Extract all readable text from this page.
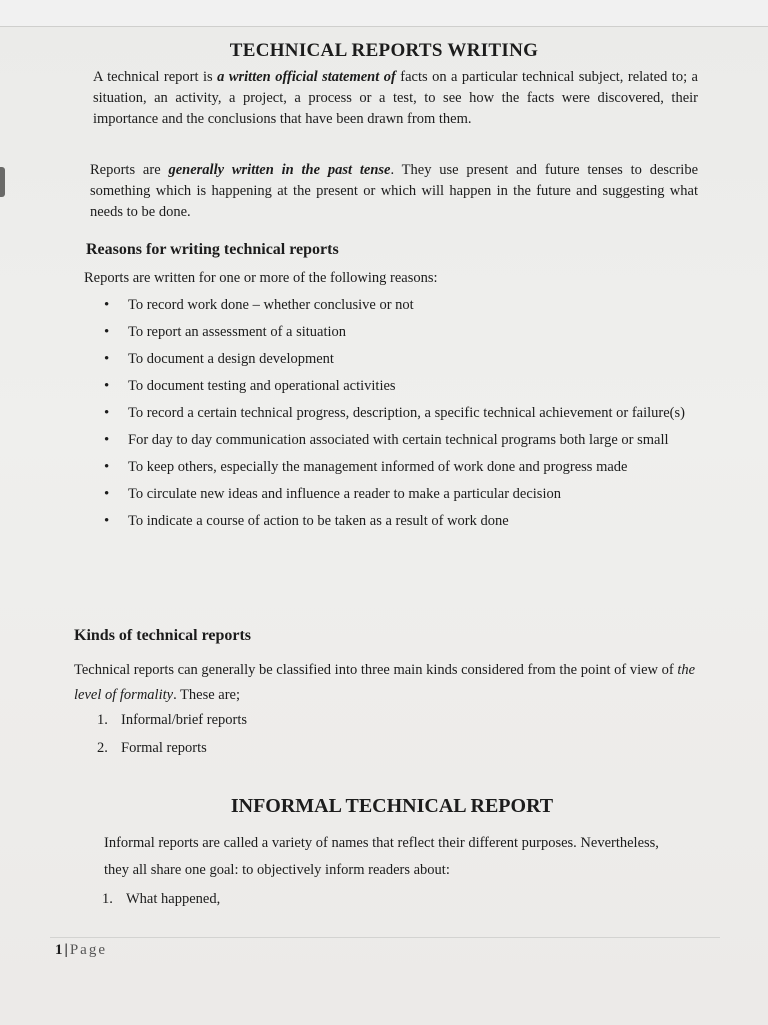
TECHNICAL REPORTS WRITING

A technical report is a written official statement of facts on a particular technical subject, related to; a situation, an activity, a project, a process or a test, to see how the facts were discovered, their importance and the conclusions that have been drawn from them.

Reports are generally written in the past tense. They use present and future tenses to describe something which is happening at the present or which will happen in the future and suggesting what needs to be done.

Reasons for writing technical reports
Reports are written for one or more of the following reasons:
• To record work done – whether conclusive or not
• To report an assessment of a situation
• To document a design development
• To document testing and operational activities
• To record a certain technical progress, description, a specific technical achievement or failure(s)
• For day to day communication associated with certain technical programs both large or small
• To keep others, especially the management informed of work done and progress made
• To circulate new ideas and influence a reader to make a particular decision
• To indicate a course of action to be taken as a result of work done
Kinds of technical reports

Technical reports can generally be classified into three main kinds considered from the point of view of the level of formality. These are;

1. Informal/brief reports
2. Formal reports
INFORMAL TECHNICAL REPORT

Informal reports are called a variety of names that reflect their different purposes. Nevertheless, they all share one goal: to objectively inform readers about:

1. What happened,
1 | Page
